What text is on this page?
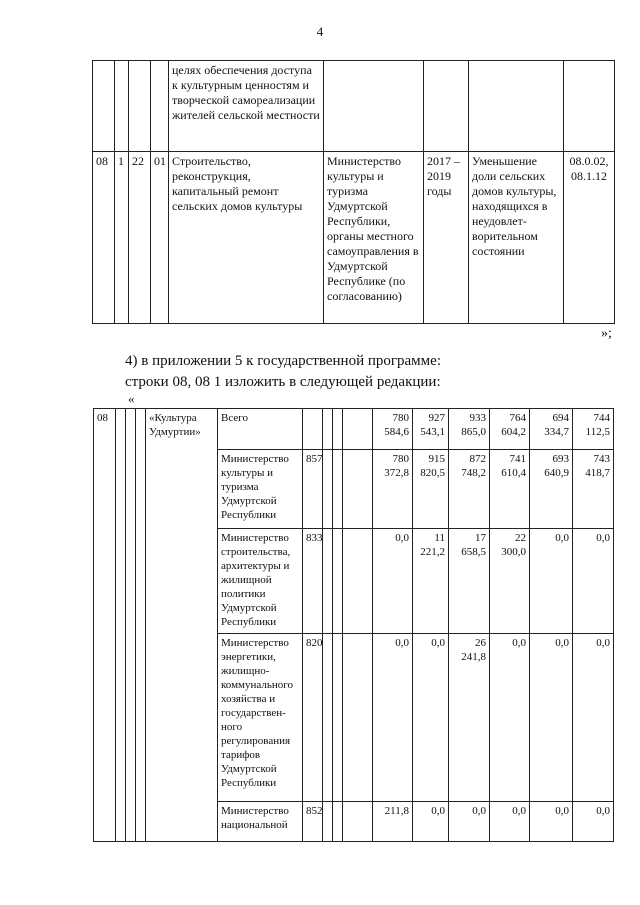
4
				целях обеспечения доступа к культурным ценностям и творческой самореализации жителей сельской местности				
08	1	22	01	Строительство, реконструкция, капитальный ремонт сельских домов культуры	Министерство культуры и туризма Удмуртской Республики, органы местного самоуправления в Удмуртской Республике (по согласованию)	2017 – 2019 годы	Уменьшение доли сельских домов культуры, находящихся в неудовлет-ворительном состоянии	08.0.02, 08.1.12
»;
4) в приложении 5 к государственной программе:
строки 08, 08 1 изложить в следующей редакции:
«
08				«Культура Удмуртии»	Всего					780 584,6	927 543,1	933 865,0	764 604,2	694 334,7	744 112,5
					Министерство культуры и туризма Удмуртской Республики	857				780 372,8	915 820,5	872 748,2	741 610,4	693 640,9	743 418,7
					Министерство строительства, архитектуры и жилищной политики Удмуртской Республики	833				0,0	11 221,2	17 658,5	22 300,0	0,0	0,0
					Министерство энергетики, жилищно-коммунального хозяйства и государствен-ного регулирования тарифов Удмуртской Республики	820				0,0	0,0	26 241,8	0,0	0,0	0,0
					Министерство национальной	852				211,8	0,0	0,0	0,0	0,0	0,0
